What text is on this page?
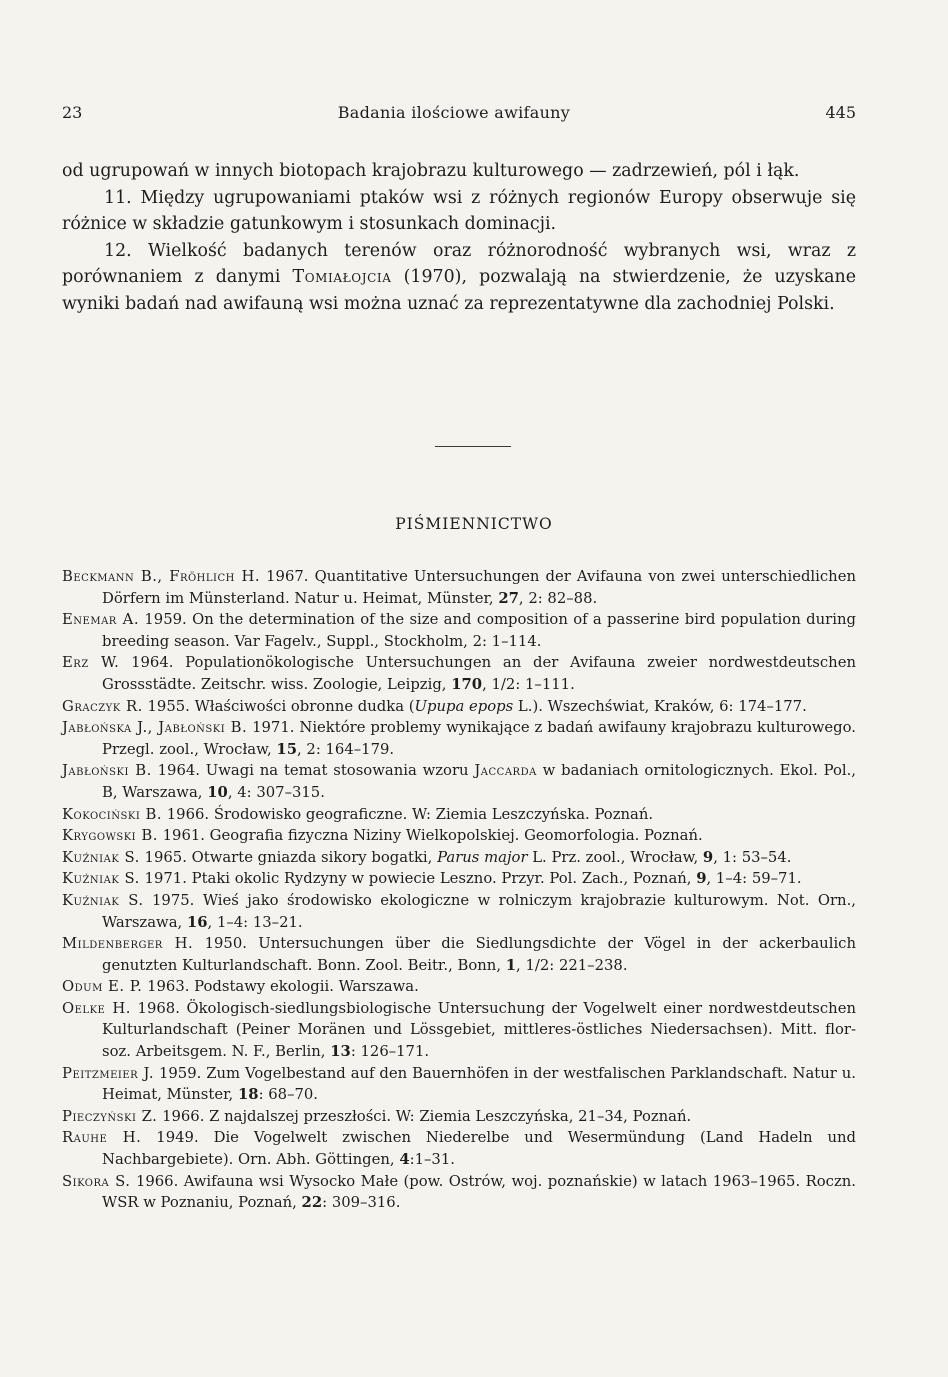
23	Badania ilościowe awifauny	445

od ugrupowań w innych biotopach krajobrazu kulturowego — zadrzewień, pól i łąk.

11. Między ugrupowaniami ptaków wsi z różnych regionów Europy obserwuje się różnice w składzie gatunkowym i stosunkach dominacji.

12. Wielkość badanych terenów oraz różnorodność wybranych wsi, wraz z porównaniem z danymi Tomiałojcia (1970), pozwalają na stwierdzenie, że uzyskane wyniki badań nad awifauną wsi można uznać za reprezentatywne dla zachodniej Polski.

PIŚMIENNICTWO

Beckmann B., Fröhlich H. 1967. Quantitative Untersuchungen der Avifauna von zwei unterschiedlichen Dörfern im Münsterland. Natur u. Heimat, Münster, 27, 2: 82–88.

Enemar A. 1959. On the determination of the size and composition of a passerine bird population during breeding season. Var Fagelv., Suppl., Stockholm, 2: 1–114.

Erz W. 1964. Populationökologische Untersuchungen an der Avifauna zweier nordwestdeutschen Grossstädte. Zeitschr. wiss. Zoologie, Leipzig, 170, 1/2: 1–111.

Graczyk R. 1955. Właściwości obronne dudka (Upupa epops L.). Wszechświat, Kraków, 6: 174–177.

Jabłońska J., Jabłoński B. 1971. Niektóre problemy wynikające z badań awifauny krajobrazu kulturowego. Przegl. zool., Wrocław, 15, 2: 164–179.

Jabłoński B. 1964. Uwagi na temat stosowania wzoru Jaccarda w badaniach ornitologicznych. Ekol. Pol., B, Warszawa, 10, 4: 307–315.

Kokociński B. 1966. Środowisko geograficzne. W: Ziemia Leszczyńska. Poznań.

Krygowski B. 1961. Geografia fizyczna Niziny Wielkopolskiej. Geomorfologia. Poznań.

Kuźniak S. 1965. Otwarte gniazda sikory bogatki, Parus major L. Prz. zool., Wrocław, 9, 1: 53–54.

Kuźniak S. 1971. Ptaki okolic Rydzyny w powiecie Leszno. Przyr. Pol. Zach., Poznań, 9, 1–4: 59–71.

Kuźniak S. 1975. Wieś jako środowisko ekologiczne w rolniczym krajobrazie kulturowym. Not. Orn., Warszawa, 16, 1–4: 13–21.

Mildenberger H. 1950. Untersuchungen über die Siedlungsdichte der Vögel in der ackerbaulich genutzten Kulturlandschaft. Bonn. Zool. Beitr., Bonn, 1, 1/2: 221–238.

Odum E. P. 1963. Podstawy ekologii. Warszawa.

Oelke H. 1968. Ökologisch-siedlungsbiologische Untersuchung der Vogelwelt einer nordwestdeutschen Kulturlandschaft (Peiner Moränen und Lössgebiet, mittleres-östliches Niedersachsen). Mitt. flor-soz. Arbeitsgem. N. F., Berlin, 13: 126–171.

Peitzmeier J. 1959. Zum Vogelbestand auf den Bauernhöfen in der westfalischen Parklandschaft. Natur u. Heimat, Münster, 18: 68–70.

Pieczyński Z. 1966. Z najdalszej przeszłości. W: Ziemia Leszczyńska, 21–34, Poznań.

Rauhe H. 1949. Die Vogelwelt zwischen Niederelbe und Wesermündung (Land Hadeln und Nachbargebiete). Orn. Abh. Göttingen, 4:1–31.

Sikora S. 1966. Awifauna wsi Wysocko Małe (pow. Ostrów, woj. poznańskie) w latach 1963–1965. Roczn. WSR w Poznaniu, Poznań, 22: 309–316.
